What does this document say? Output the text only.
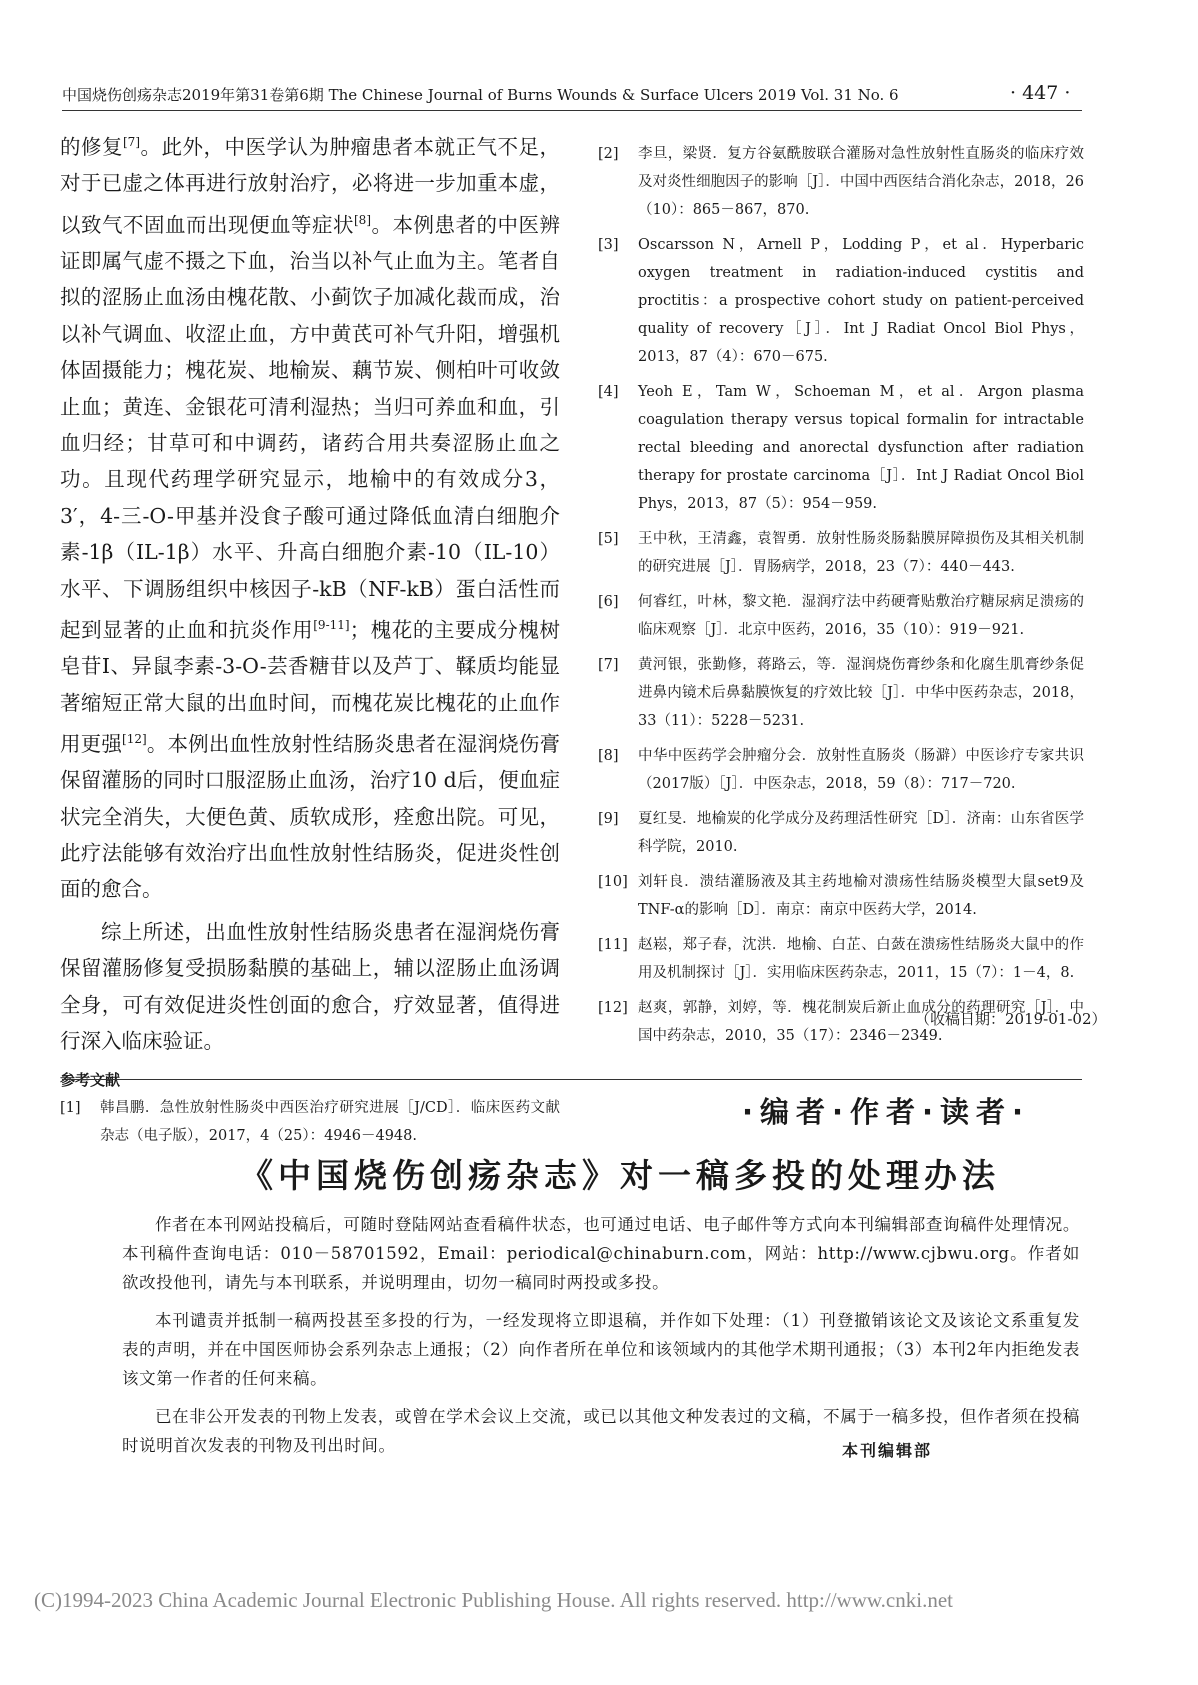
中国烧伤创疡杂志2019年第31卷第6期 The Chinese Journal of Burns Wounds & Surface Ulcers 2019 Vol. 31 No. 6	· 447 ·

的修复[7]。此外，中医学认为肿瘤患者本就正气不足，对于已虚之体再进行放射治疗，必将进一步加重本虚，以致气不固血而出现便血等症状[8]。本例患者的中医辨证即属气虚不摄之下血，治当以补气止血为主。笔者自拟的涩肠止血汤由槐花散、小蓟饮子加减化裁而成，治以补气调血、收涩止血，方中黄芪可补气升阳，增强机体固摄能力；槐花炭、地榆炭、藕节炭、侧柏叶可收敛止血；黄连、金银花可清利湿热；当归可养血和血，引血归经；甘草可和中调药，诸药合用共奏涩肠止血之功。且现代药理学研究显示，地榆中的有效成分3，3′，4-三-O-甲基并没食子酸可通过降低血清白细胞介素-1β（IL-1β）水平、升高白细胞介素-10（IL-10）水平、下调肠组织中核因子-kB（NF-kB）蛋白活性而起到显著的止血和抗炎作用[9-11]；槐花的主要成分槐树皂苷Ⅰ、异鼠李素-3-O-芸香糖苷以及芦丁、鞣质均能显著缩短正常大鼠的出血时间，而槐花炭比槐花的止血作用更强[12]。本例出血性放射性结肠炎患者在湿润烧伤膏保留灌肠的同时口服涩肠止血汤，治疗10 d后，便血症状完全消失，大便色黄、质软成形，痊愈出院。可见，此疗法能够有效治疗出血性放射性结肠炎，促进炎性创面的愈合。

综上所述，出血性放射性结肠炎患者在湿润烧伤膏保留灌肠修复受损肠黏膜的基础上，辅以涩肠止血汤调全身，可有效促进炎性创面的愈合，疗效显著，值得进行深入临床验证。

参考文献
[1]	韩昌鹏．急性放射性肠炎中西医治疗研究进展［J/CD］．临床医药文献杂志（电子版），2017，4（25）：4946－4948.
[2]	李旦，梁贤．复方谷氨酰胺联合灌肠对急性放射性直肠炎的临床疗效及对炎性细胞因子的影响［J］．中国中西医结合消化杂志，2018，26（10）：865－867，870.
[3]	Oscarsson N，Arnell P，Lodding P，et al．Hyperbaric oxygen treatment in radiation-induced cystitis and proctitis：a prospective cohort study on patient-perceived quality of recovery［J］．Int J Radiat Oncol Biol Phys，2013，87（4）：670－675.
[4]	Yeoh E，Tam W，Schoeman M，et al．Argon plasma coagulation therapy versus topical formalin for intractable rectal bleeding and anorectal dysfunction after radiation therapy for prostate carcinoma［J］．Int J Radiat Oncol Biol Phys，2013，87（5）：954－959.
[5]	王中秋，王清鑫，袁智勇．放射性肠炎肠黏膜屏障损伤及其相关机制的研究进展［J］．胃肠病学，2018，23（7）：440－443.
[6]	何睿红，叶林，黎文艳．湿润疗法中药硬膏贴敷治疗糖尿病足溃疡的临床观察［J］．北京中医药，2016，35（10）：919－921.
[7]	黄河银，张勤修，蒋路云，等．湿润烧伤膏纱条和化腐生肌膏纱条促进鼻内镜术后鼻黏膜恢复的疗效比较［J］．中华中医药杂志，2018，33（11）：5228－5231.
[8]	中华中医药学会肿瘤分会．放射性直肠炎（肠澼）中医诊疗专家共识（2017版）［J］．中医杂志，2018，59（8）：717－720.
[9]	夏红旻．地榆炭的化学成分及药理活性研究［D］．济南：山东省医学科学院，2010.
[10] 刘轩良．溃结灌肠液及其主药地榆对溃疡性结肠炎模型大鼠set9及TNF-α的影响［D］．南京：南京中医药大学，2014.
[11] 赵崧，郑子春，沈洪．地榆、白芷、白蔹在溃疡性结肠炎大鼠中的作用及机制探讨［J］．实用临床医药杂志，2011，15（7）：1－4，8.
[12] 赵爽，郭静，刘婷，等．槐花制炭后新止血成分的药理研究［J］．中国中药杂志，2010，35（17）：2346－2349.
（收稿日期：2019-01-02）
·编者·作者·读者·
《中国烧伤创疡杂志》对一稿多投的处理办法

作者在本刊网站投稿后，可随时登陆网站查看稿件状态，也可通过电话、电子邮件等方式向本刊编辑部查询稿件处理情况。本刊稿件查询电话：010－58701592，Email：periodical@chinaburn.com，网站：http://www.cjbwu.org。作者如欲改投他刊，请先与本刊联系，并说明理由，切勿一稿同时两投或多投。

本刊谴责并抵制一稿两投甚至多投的行为，一经发现将立即退稿，并作如下处理：（1）刊登撤销该论文及该论文系重复发表的声明，并在中国医师协会系列杂志上通报；（2）向作者所在单位和该领域内的其他学术期刊通报；（3）本刊2年内拒绝发表该文第一作者的任何来稿。

已在非公开发表的刊物上发表，或曾在学术会议上交流，或已以其他文种发表过的文稿，不属于一稿多投，但作者须在投稿时说明首次发表的刊物及刊出时间。	本刊编辑部
(C)1994-2023 China Academic Journal Electronic Publishing House. All rights reserved. http://www.cnki.net
